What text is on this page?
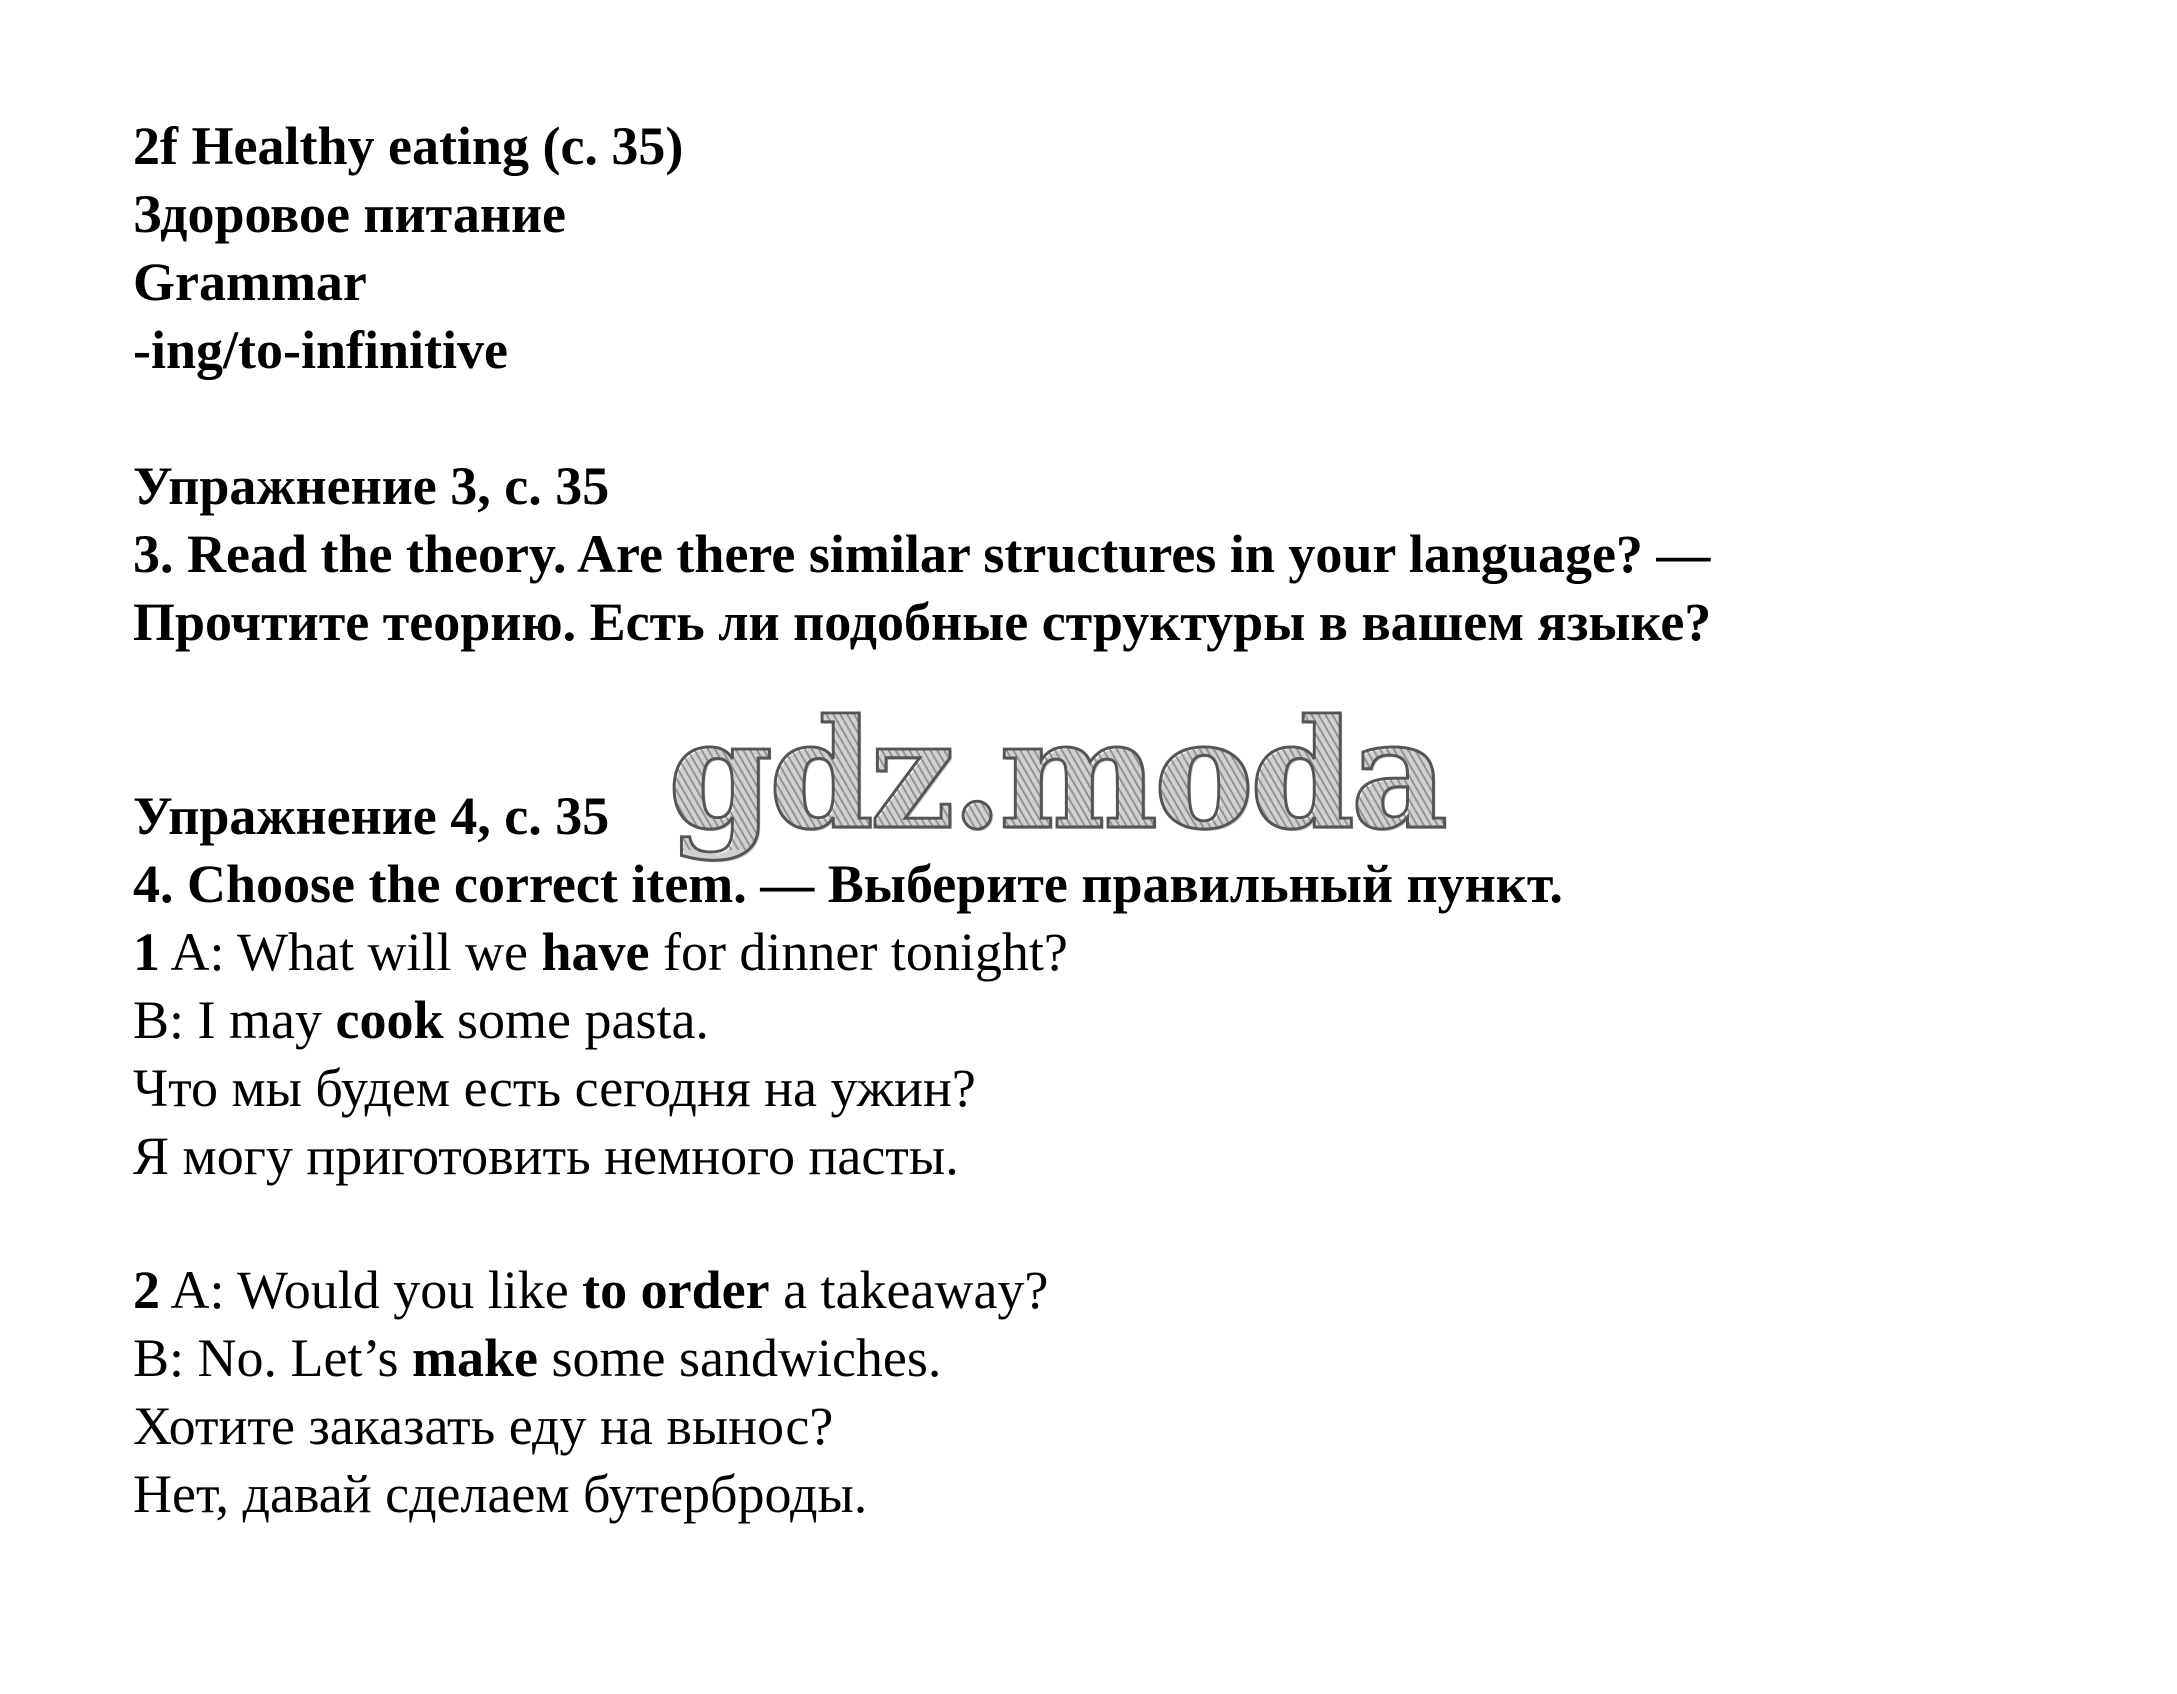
2f Healthy eating (с. 35)
Здоровое питание
Grammar
-ing/to-infinitive
Упражнение 3, с. 35
3. Read the theory. Are there similar structures in your language? —
Прочтите теорию. Есть ли подобные структуры в вашем языке?
gdz.moda
Упражнение 4, с. 35
4. Choose the correct item. — Выберите правильный пункт.
1 A: What will we have for dinner tonight?
B: I may cook some pasta.
Что мы будем есть сегодня на ужин?
Я могу приготовить немного пасты.
2 A: Would you like to order a takeaway?
B: No. Let’s make some sandwiches.
Хотите заказать еду на вынос?
Нет, давай сделаем бутерброды.
